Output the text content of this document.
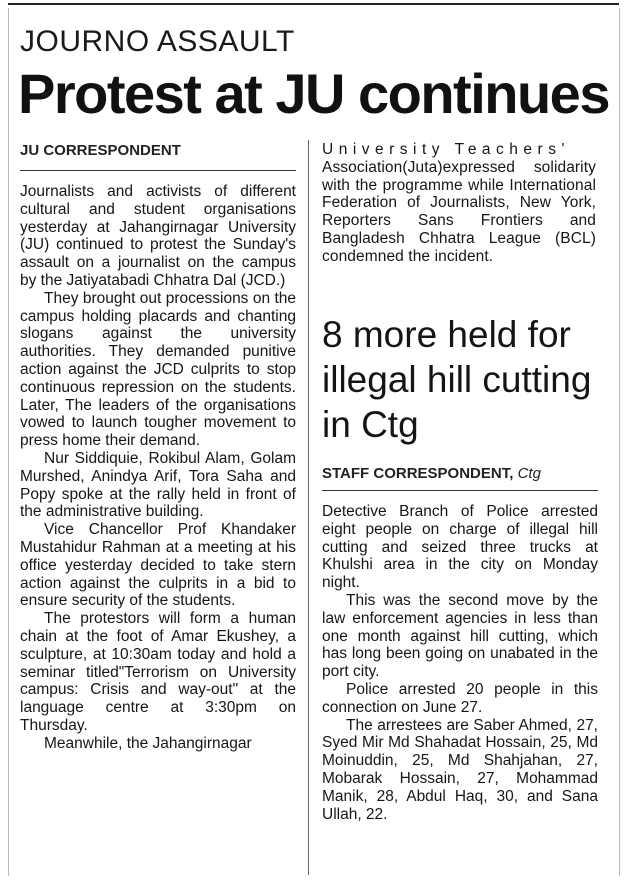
JOURNO ASSAULT
Protest at JU continues
JU CORRESPONDENT

Journalists and activists of different cultural and student organisations yesterday at Jahangirnagar University (JU) continued to protest the Sunday's assault on a journalist on the campus by the Jatiyatabadi Chhatra Dal (JCD.)

They brought out processions on the campus holding placards and chanting slogans against the university authorities. They demanded punitive action against the JCD culprits to stop continuous repression on the students. Later, The leaders of the organisations vowed to launch tougher movement to press home their demand.

Nur Siddiquie, Rokibul Alam, Golam Murshed, Anindya Arif, Tora Saha and Popy spoke at the rally held in front of the administrative building.

Vice Chancellor Prof Khandaker Mustahidur Rahman at a meeting at his office yesterday decided to take stern action against the culprits in a bid to ensure security of the students.

The protestors will form a human chain at the foot of Amar Ekushey, a sculpture, at 10:30am today and hold a seminar titled"Terrorism on University campus: Crisis and way-out" at the language centre at 3:30pm on Thursday.

Meanwhile, the Jahangirnagar

University Teachers'

Association(Juta)expressed solidarity with the programme while International Federation of Journalists, New York, Reporters Sans Frontiers and Bangladesh Chhatra League (BCL) condemned the incident.

8 more held for illegal hill cutting in Ctg
STAFF CORRESPONDENT, Ctg

Detective Branch of Police arrested eight people on charge of illegal hill cutting and seized three trucks at Khulshi area in the city on Monday night.

This was the second move by the law enforcement agencies in less than one month against hill cutting, which has long been going on unabated in the port city.

Police arrested 20 people in this connection on June 27.

The arrestees are Saber Ahmed, 27, Syed Mir Md Shahadat Hossain, 25, Md Moinuddin, 25, Md Shahjahan, 27, Mobarak Hossain, 27, Mohammad Manik, 28, Abdul Haq, 30, and Sana Ullah, 22.
